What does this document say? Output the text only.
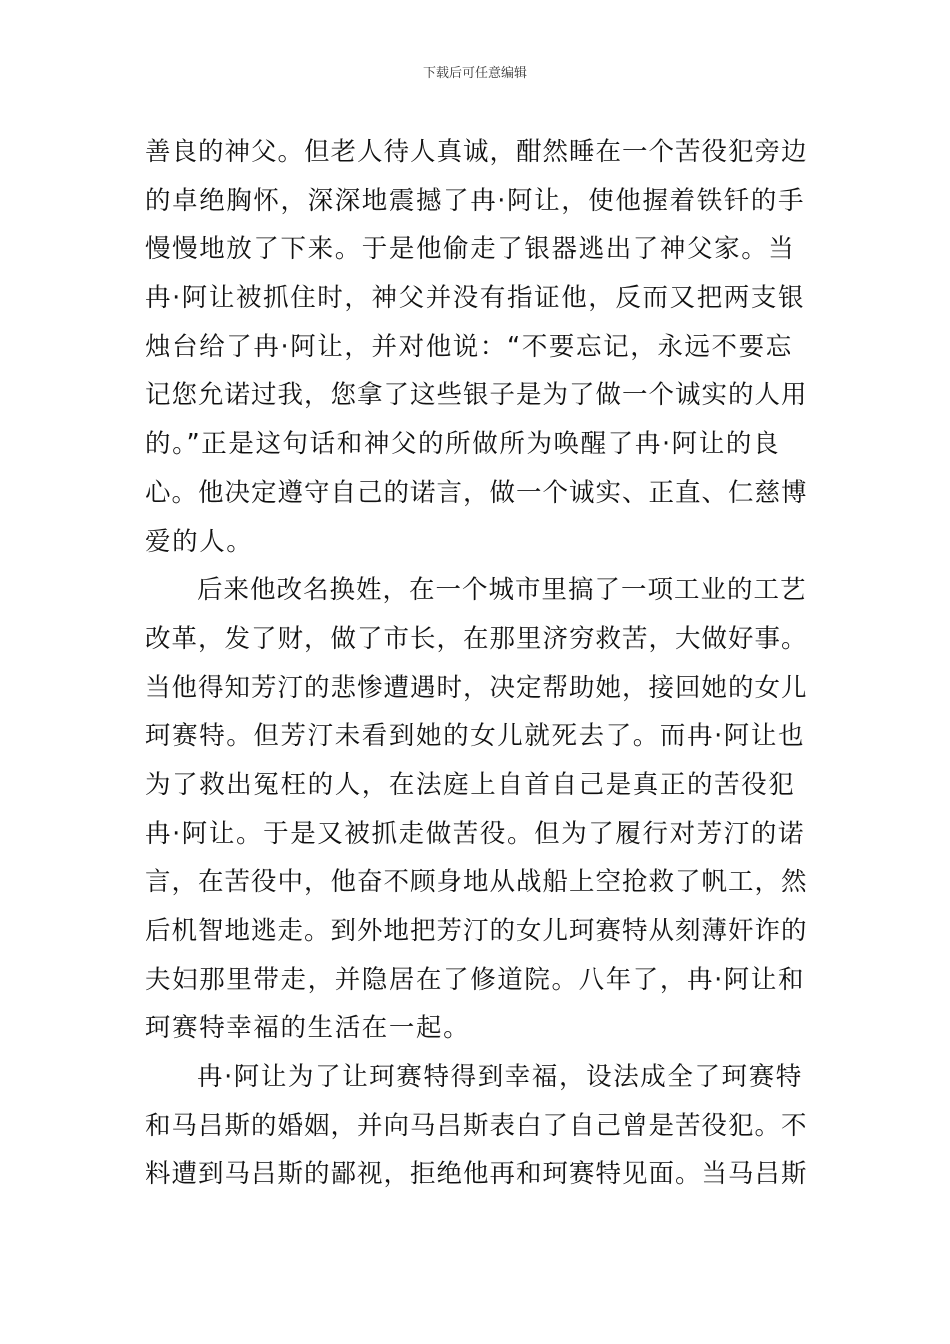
下载后可任意编辑
善良的神父。但老人待人真诚，酣然睡在一个苦役犯旁边
的卓绝胸怀，深深地震撼了冉·阿让，使他握着铁钎的手
慢慢地放了下来。于是他偷走了银器逃出了神父家。当
冉·阿让被抓住时，神父并没有指证他，反而又把两支银
烛台给了冉·阿让，并对他说：“不要忘记，永远不要忘
记您允诺过我，您拿了这些银子是为了做一个诚实的人用
的。”正是这句话和神父的所做所为唤醒了冉·阿让的良
心。他决定遵守自己的诺言，做一个诚实、正直、仁慈博
爱的人。
后来他改名换姓，在一个城市里搞了一项工业的工艺
改革，发了财，做了市长，在那里济穷救苦，大做好事。
当他得知芳汀的悲惨遭遇时，决定帮助她，接回她的女儿
珂赛特。但芳汀未看到她的女儿就死去了。而冉·阿让也
为了救出冤枉的人，在法庭上自首自己是真正的苦役犯
冉·阿让。于是又被抓走做苦役。但为了履行对芳汀的诺
言，在苦役中，他奋不顾身地从战船上空抢救了帆工，然
后机智地逃走。到外地把芳汀的女儿珂赛特从刻薄奸诈的
夫妇那里带走，并隐居在了修道院。八年了，冉·阿让和
珂赛特幸福的生活在一起。
冉·阿让为了让珂赛特得到幸福，设法成全了珂赛特
和马吕斯的婚姻，并向马吕斯表白了自己曾是苦役犯。不
料遭到马吕斯的鄙视，拒绝他再和珂赛特见面。当马吕斯
